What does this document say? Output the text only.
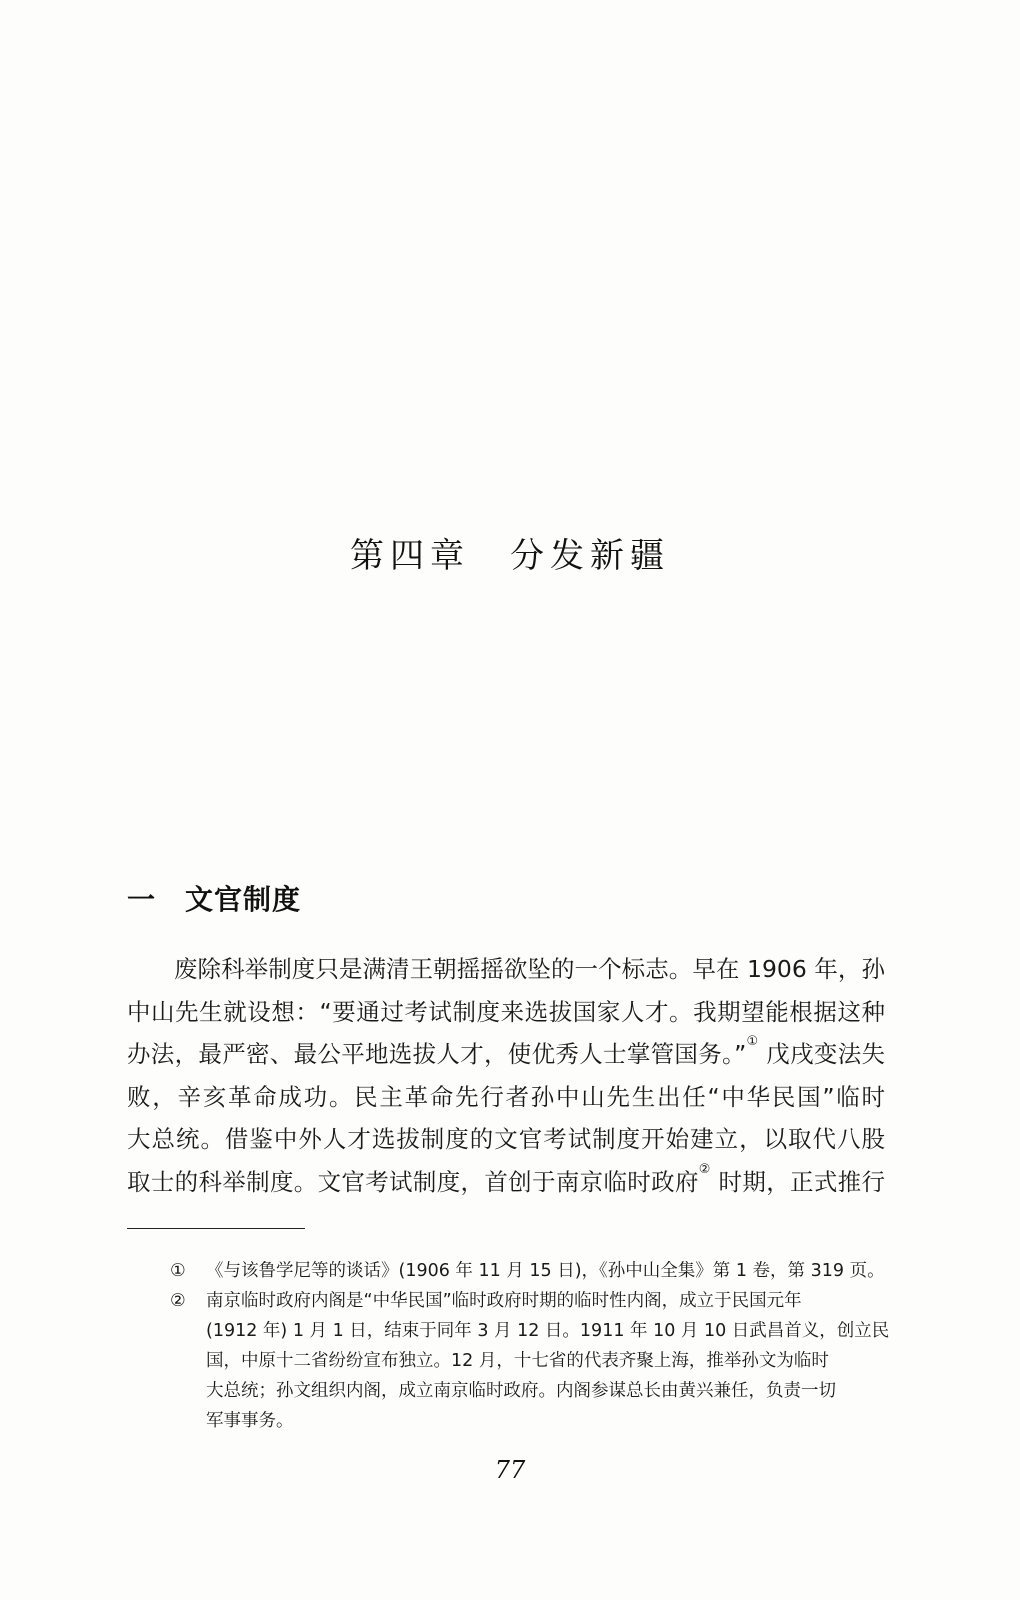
第四章 分发新疆
一 文官制度
废除科举制度只是满清王朝摇摇欲坠的一个标志。早在 1906 年，孙
中山先生就设想：“要通过考试制度来选拔国家人才。我期望能根据这种
办法，最严密、最公平地选拔人才，使优秀人士掌管国务。”① 戊戌变法失
败，辛亥革命成功。民主革命先行者孙中山先生出任“中华民国”临时
大总统。借鉴中外人才选拔制度的文官考试制度开始建立，以取代八股
取士的科举制度。文官考试制度，首创于南京临时政府② 时期，正式推行
① 《与该鲁学尼等的谈话》(1906 年 11 月 15 日)，《孙中山全集》第 1 卷，第 319 页。
② 南京临时政府内阁是“中华民国”临时政府时期的临时性内阁，成立于民国元年
(1912 年) 1 月 1 日，结束于同年 3 月 12 日。1911 年 10 月 10 日武昌首义，创立民
国，中原十二省纷纷宣布独立。12 月，十七省的代表齐聚上海，推举孙文为临时
大总统；孙文组织内阁，成立南京临时政府。内阁参谋总长由黄兴兼任，负责一切
军事事务。
77
